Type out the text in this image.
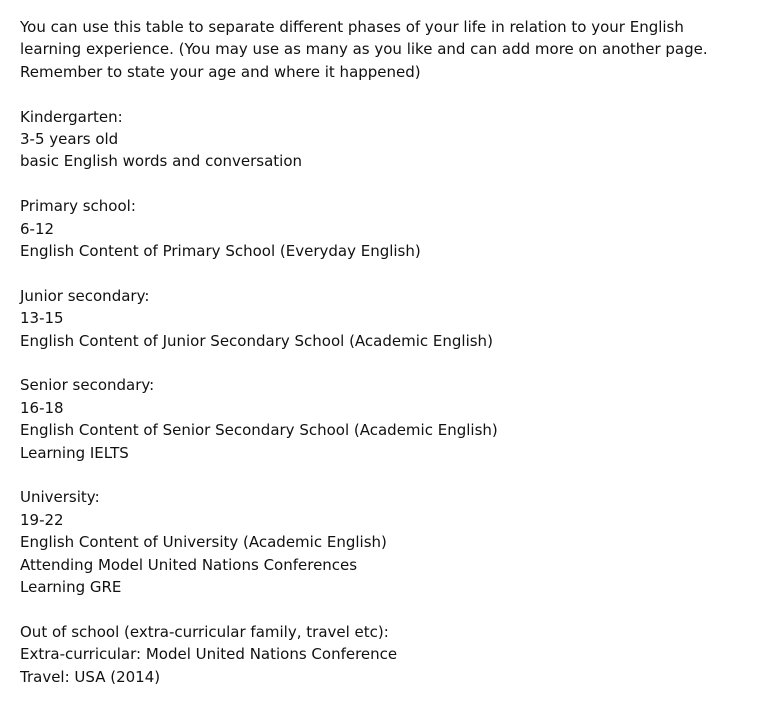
You can use this table to separate different phases of your life in relation to your English learning experience. (You may use as many as you like and can add more on another page. Remember to state your age and where it happened)

Kindergarten:
3-5 years old
basic English words and conversation
Primary school:
6-12
English Content of Primary School (Everyday English)
Junior secondary:
13-15
English Content of Junior Secondary School (Academic English)
Senior secondary:
16-18
English Content of Senior Secondary School (Academic English)
Learning IELTS
University:
19-22
English Content of University (Academic English)
Attending Model United Nations Conferences
Learning GRE
Out of school (extra-curricular family, travel etc):
Extra-curricular: Model United Nations Conference
Travel: USA (2014)
